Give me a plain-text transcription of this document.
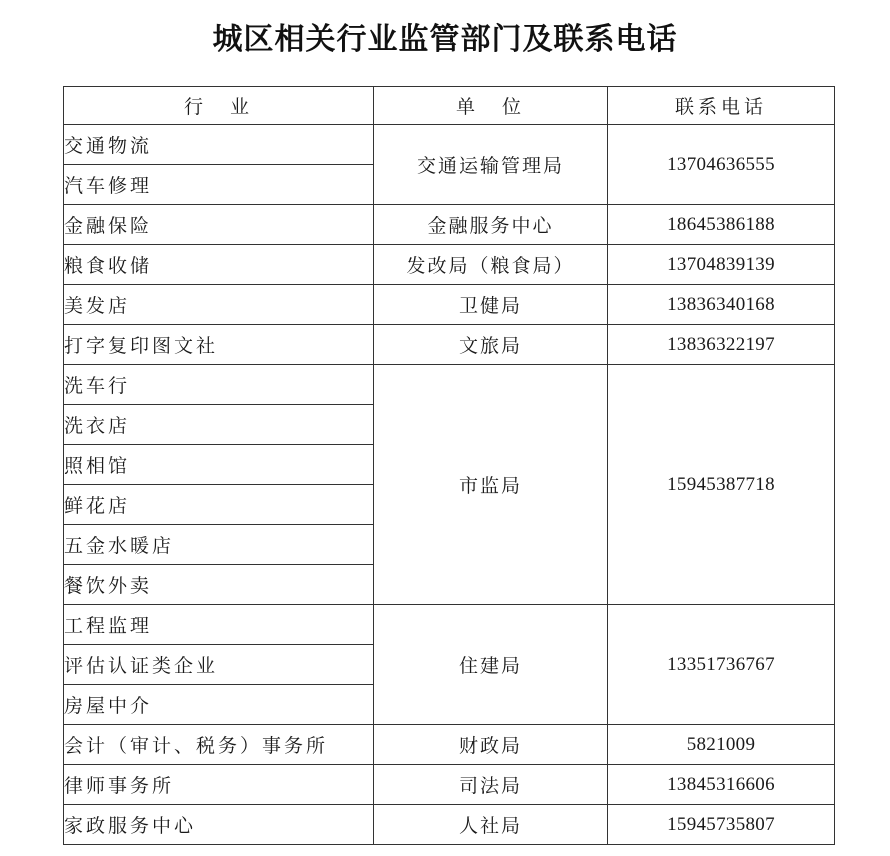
城区相关行业监管部门及联系电话
行　业	单　位	联系电话
交通物流	交通运输管理局	13704636555
汽车修理		
金融保险	金融服务中心	18645386188
粮食收储	发改局（粮食局）	13704839139
美发店	卫健局	13836340168
打字复印图文社	文旅局	13836322197
洗车行	市监局	15945387718
洗衣店		
照相馆		
鲜花店		
五金水暖店		
餐饮外卖		
工程监理	住建局	13351736767
评估认证类企业		
房屋中介		
会计（审计、税务）事务所	财政局	5821009
律师事务所	司法局	13845316606
家政服务中心	人社局	15945735807
